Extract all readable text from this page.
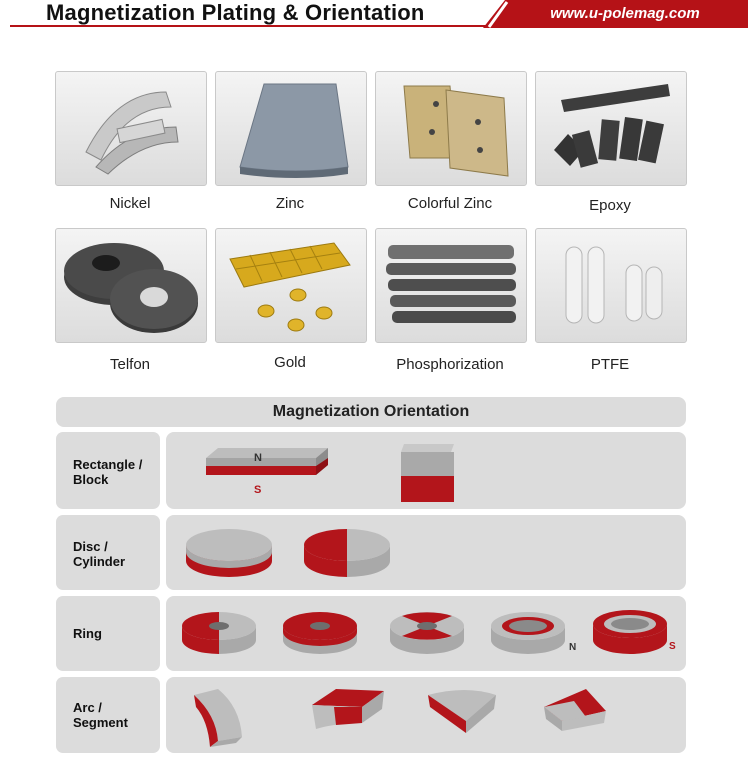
Magnetization Plating & Orientation	www.u-polemag.com
Nickel	Zinc	Colorful Zinc	Epoxy
Telfon	Gold	Phosphorization	PTFE
Magnetization Orientation
Rectangle /
Block
N
S
Disc /
Cylinder
Ring
N	S
Arc /
Segment
